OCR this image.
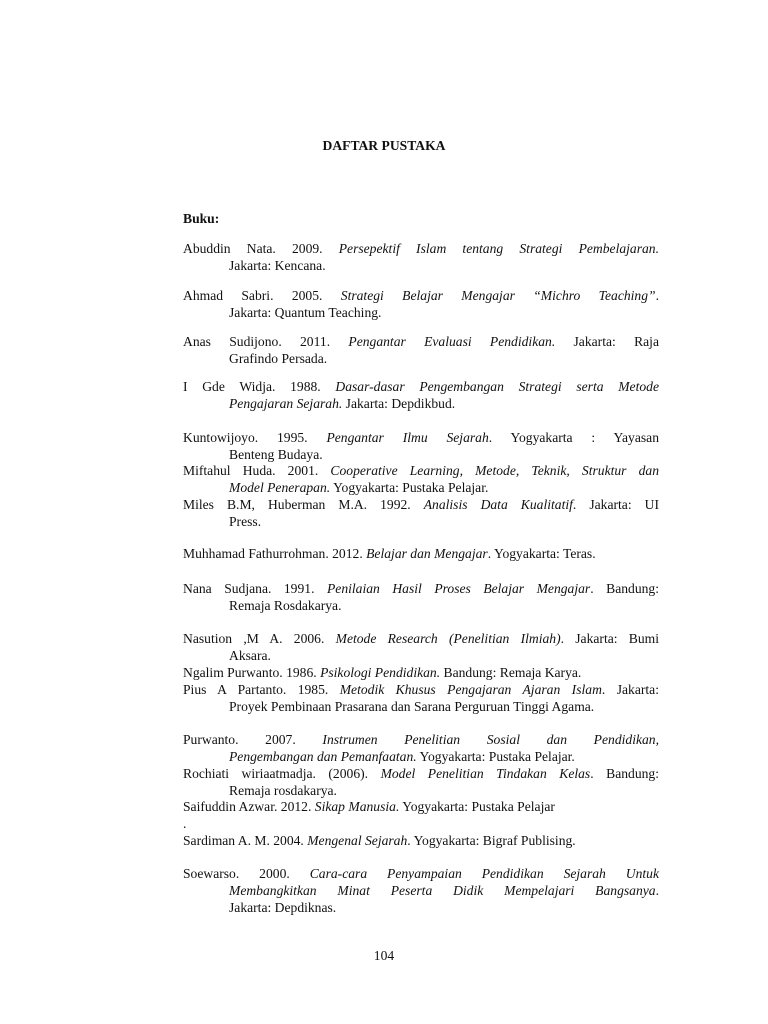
DAFTAR PUSTAKA
Buku:
Abuddin Nata. 2009. Persepektif Islam tentang Strategi Pembelajaran.
Jakarta: Kencana.
Ahmad Sabri. 2005. Strategi Belajar Mengajar “Michro Teaching”.
Jakarta: Quantum Teaching.
Anas Sudijono. 2011. Pengantar Evaluasi Pendidikan. Jakarta: Raja
Grafindo Persada.
I Gde Widja. 1988. Dasar-dasar Pengembangan Strategi serta Metode
Pengajaran Sejarah. Jakarta: Depdikbud.
Kuntowijoyo. 1995. Pengantar Ilmu Sejarah. Yogyakarta : Yayasan
Benteng Budaya.
Miftahul Huda. 2001. Cooperative Learning, Metode, Teknik, Struktur dan
Model Penerapan. Yogyakarta: Pustaka Pelajar.
Miles B.M, Huberman M.A. 1992. Analisis Data Kualitatif. Jakarta: UI
Press.
Muhhamad Fathurrohman. 2012. Belajar dan Mengajar. Yogyakarta: Teras.
Nana Sudjana. 1991. Penilaian Hasil Proses Belajar Mengajar. Bandung:
Remaja Rosdakarya.
Nasution ,M A. 2006. Metode Research (Penelitian Ilmiah). Jakarta: Bumi
Aksara.
Ngalim Purwanto. 1986. Psikologi Pendidikan. Bandung: Remaja Karya.
Pius A Partanto. 1985. Metodik Khusus Pengajaran Ajaran Islam. Jakarta:
Proyek Pembinaan Prasarana dan Sarana Perguruan Tinggi Agama.
Purwanto. 2007. Instrumen Penelitian Sosial dan Pendidikan,
Pengembangan dan Pemanfaatan. Yogyakarta: Pustaka Pelajar.
Rochiati wiriaatmadja. (2006). Model Penelitian Tindakan Kelas. Bandung:
Remaja rosdakarya.
Saifuddin Azwar. 2012. Sikap Manusia. Yogyakarta: Pustaka Pelajar
.
Sardiman A. M. 2004. Mengenal Sejarah. Yogyakarta: Bigraf Publising.
Soewarso. 2000. Cara-cara Penyampaian Pendidikan Sejarah Untuk
Membangkitkan Minat Peserta Didik Mempelajari Bangsanya.
Jakarta: Depdiknas.
104
